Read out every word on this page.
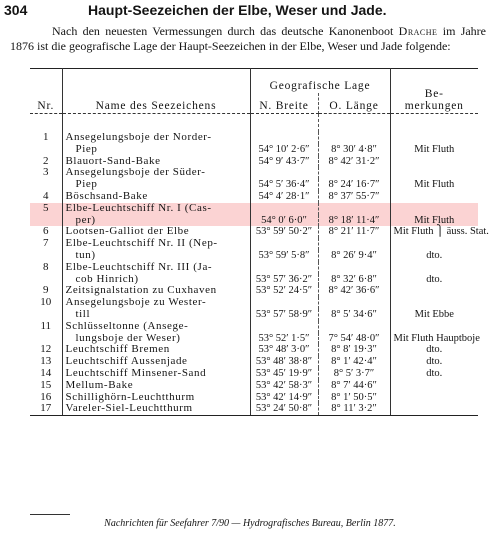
304	Haupt-Seezeichen der Elbe, Weser und Jade.

Nach den neuesten Vermessungen durch das deutsche Kanonenboot Drache im Jahre 1876 ist die geografische Lage der Haupt-Seezeichen in der Elbe, Weser und Jade folgende:

Nr.	Name des Seezeichens	Geografische Lage		Be-
merkungen
		N. Breite	O. Länge	

1	Ansegelungsboje der Norder-			
	Piep	54° 10′ 2·6″	8° 30′ 4·8″	Mit Fluth
2	Blauort-Sand-Bake	54° 9′ 43·7″	8° 42′ 31·2″	
3	Ansegelungsboje der Süder-			
	Piep	54° 5′ 36·4″	8° 24′ 16·7″	Mit Fluth
4	Böschsand-Bake	54° 4′ 28·1″	8° 37′ 55·7″	
5	Elbe-Leuchtschiff Nr. I (Cas-			
	per)	54° 0′ 6·0″	8° 18′ 11·4″	Mit Fluth
6	Lootsen-Galliot der Elbe	53° 59′ 50·2″	8° 21′ 11·7″	Mit Fluth ⎫ äuss. Stat.
7	Elbe-Leuchtschiff Nr. II (Nep-			
	tun)	53° 59′ 5·8″	8° 26′ 9·4″	dto.
8	Elbe-Leuchtschiff Nr. III (Ja-			
	cob Hinrich)	53° 57′ 36·2″	8° 32′ 6·8″	dto.
9	Zeitsignalstation zu Cuxhaven	53° 52′ 24·5″	8° 42′ 36·6″	
10	Ansegelungsboje zu Wester-			
	till	53° 57′ 58·9″	8° 5′ 34·6″	Mit Ebbe
11	Schlüsseltonne (Ansege-			
	lungsboje der Weser)	53° 52′ 1·5″	7° 54′ 48·0″	Mit Fluth Hauptboje
12	Leuchtschiff Bremen	53° 48′ 3·0″	8° 8′ 19·3″	dto.
13	Leuchtschiff Aussenjade	53° 48′ 38·8″	8° 1′ 42·4″	dto.
14	Leuchtschiff Minsener-Sand	53° 45′ 19·9″	8° 5′ 3·7″	dto.
15	Mellum-Bake	53° 42′ 58·3″	8° 7′ 44·6″	
16	Schillighörn-Leuchtthurm	53° 42′ 14·9″	8° 1′ 50·5″	
17	Vareler-Siel-Leuchtthurm	53° 24′ 50·8″	8° 11′ 3·2″	
Nachrichten für Seefahrer 7/90 — Hydrografisches Bureau, Berlin 1877.
